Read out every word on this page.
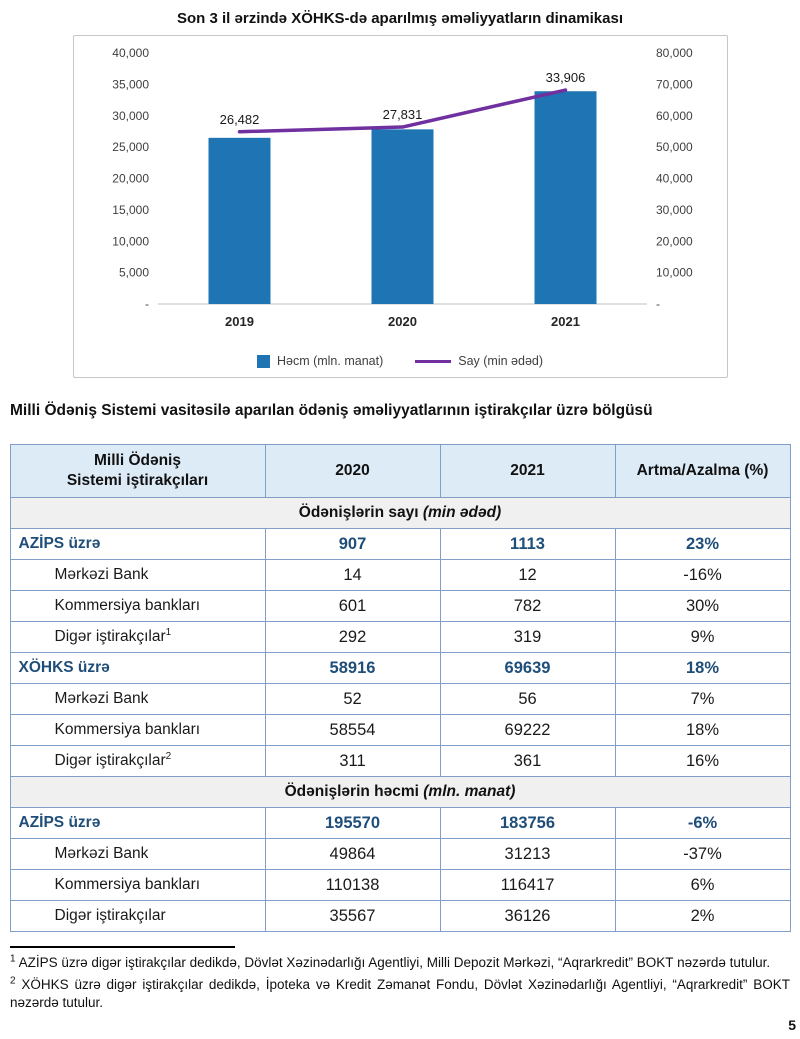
Son 3 il ərzində XÖHKS-də aparılmış əməliyyatların dinamikası
-
5,000
10,000
15,000
20,000
25,000
30,000
35,000
40,000
-
10,000
20,000
30,000
40,000
50,000
60,000
70,000
80,000
26,482	27,831
33,906
2019	2020	2021
Həcm (mln. manat)	Say (min ədəd)
Milli Ödəniş Sistemi vasitəsilə aparılan ödəniş əməliyyatlarının iştirakçılar üzrə bölgüsü
Milli Ödəniş
Sistemi iştirakçıları	2020	2021	Artma/Azalma (%)
Ödənişlərin sayı (min ədəd)			
AZİPS üzrə	907	1113	23%
Mərkəzi Bank	14	12	-16%
Kommersiya bankları	601	782	30%
Digər iştirakçılar$^1$	292	319	9%
XÖHKS üzrə	58916	69639	18%
Mərkəzi Bank	52	56	7%
Kommersiya bankları	58554	69222	18%
Digər iştirakçılar$^2$	311	361	16%
Ödənişlərin həcmi (mln. manat)			
AZİPS üzrə	195570	183756	-6%
Mərkəzi Bank	49864	31213	-37%
Kommersiya bankları	110138	116417	6%
Digər iştirakçılar	35567	36126	2%
$^1$ AZİPS üzrə digər iştirakçılar dedikdə, Dövlət Xəzinədarlığı Agentliyi, Milli Depozit Mərkəzi, “Aqrarkredit” BOKT nəzərdə tutulur.
$^2$ XÖHKS üzrə digər iştirakçılar dedikdə, İpoteka və Kredit Zəmanət Fondu, Dövlət Xəzinədarlığı Agentliyi, “Aqrarkredit” BOKT nəzərdə tutulur.
5
